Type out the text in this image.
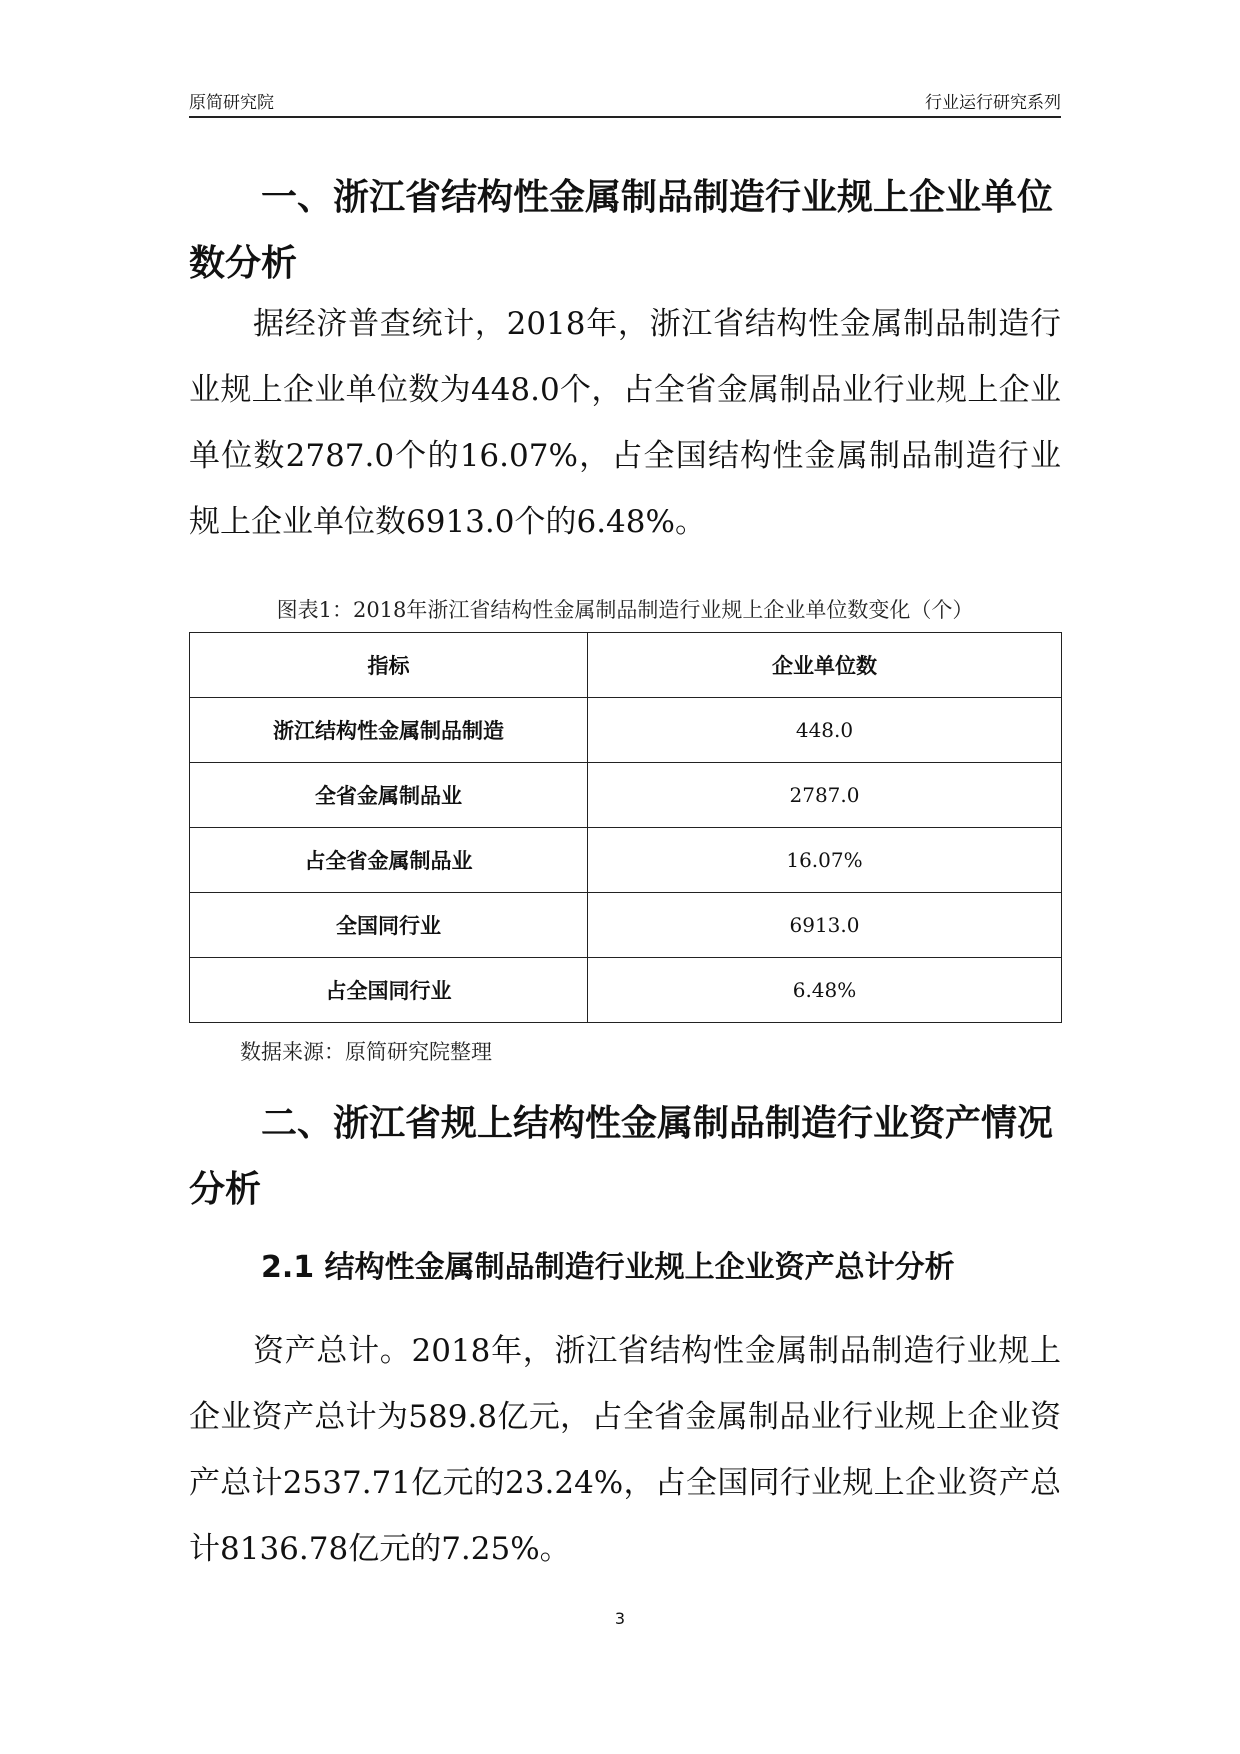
原简研究院	行业运行研究系列
一、浙江省结构性金属制品制造行业规上企业单位数分析

据经济普查统计，2018年，浙江省结构性金属制品制造行业规上企业单位数为448.0个，占全省金属制品业行业规上企业单位数2787.0个的16.07%，占全国结构性金属制品制造行业规上企业单位数6913.0个的6.48%。

图表1：2018年浙江省结构性金属制品制造行业规上企业单位数变化（个）
指标	企业单位数
浙江结构性金属制品制造	448.0
全省金属制品业	2787.0
占全省金属制品业	16.07%
全国同行业	6913.0
占全国同行业	6.48%
数据来源：原简研究院整理
二、浙江省规上结构性金属制品制造行业资产情况分析
2.1 结构性金属制品制造行业规上企业资产总计分析

资产总计。2018年，浙江省结构性金属制品制造行业规上企业资产总计为589.8亿元，占全省金属制品业行业规上企业资产总计2537.71亿元的23.24%，占全国同行业规上企业资产总计8136.78亿元的7.25%。

3
